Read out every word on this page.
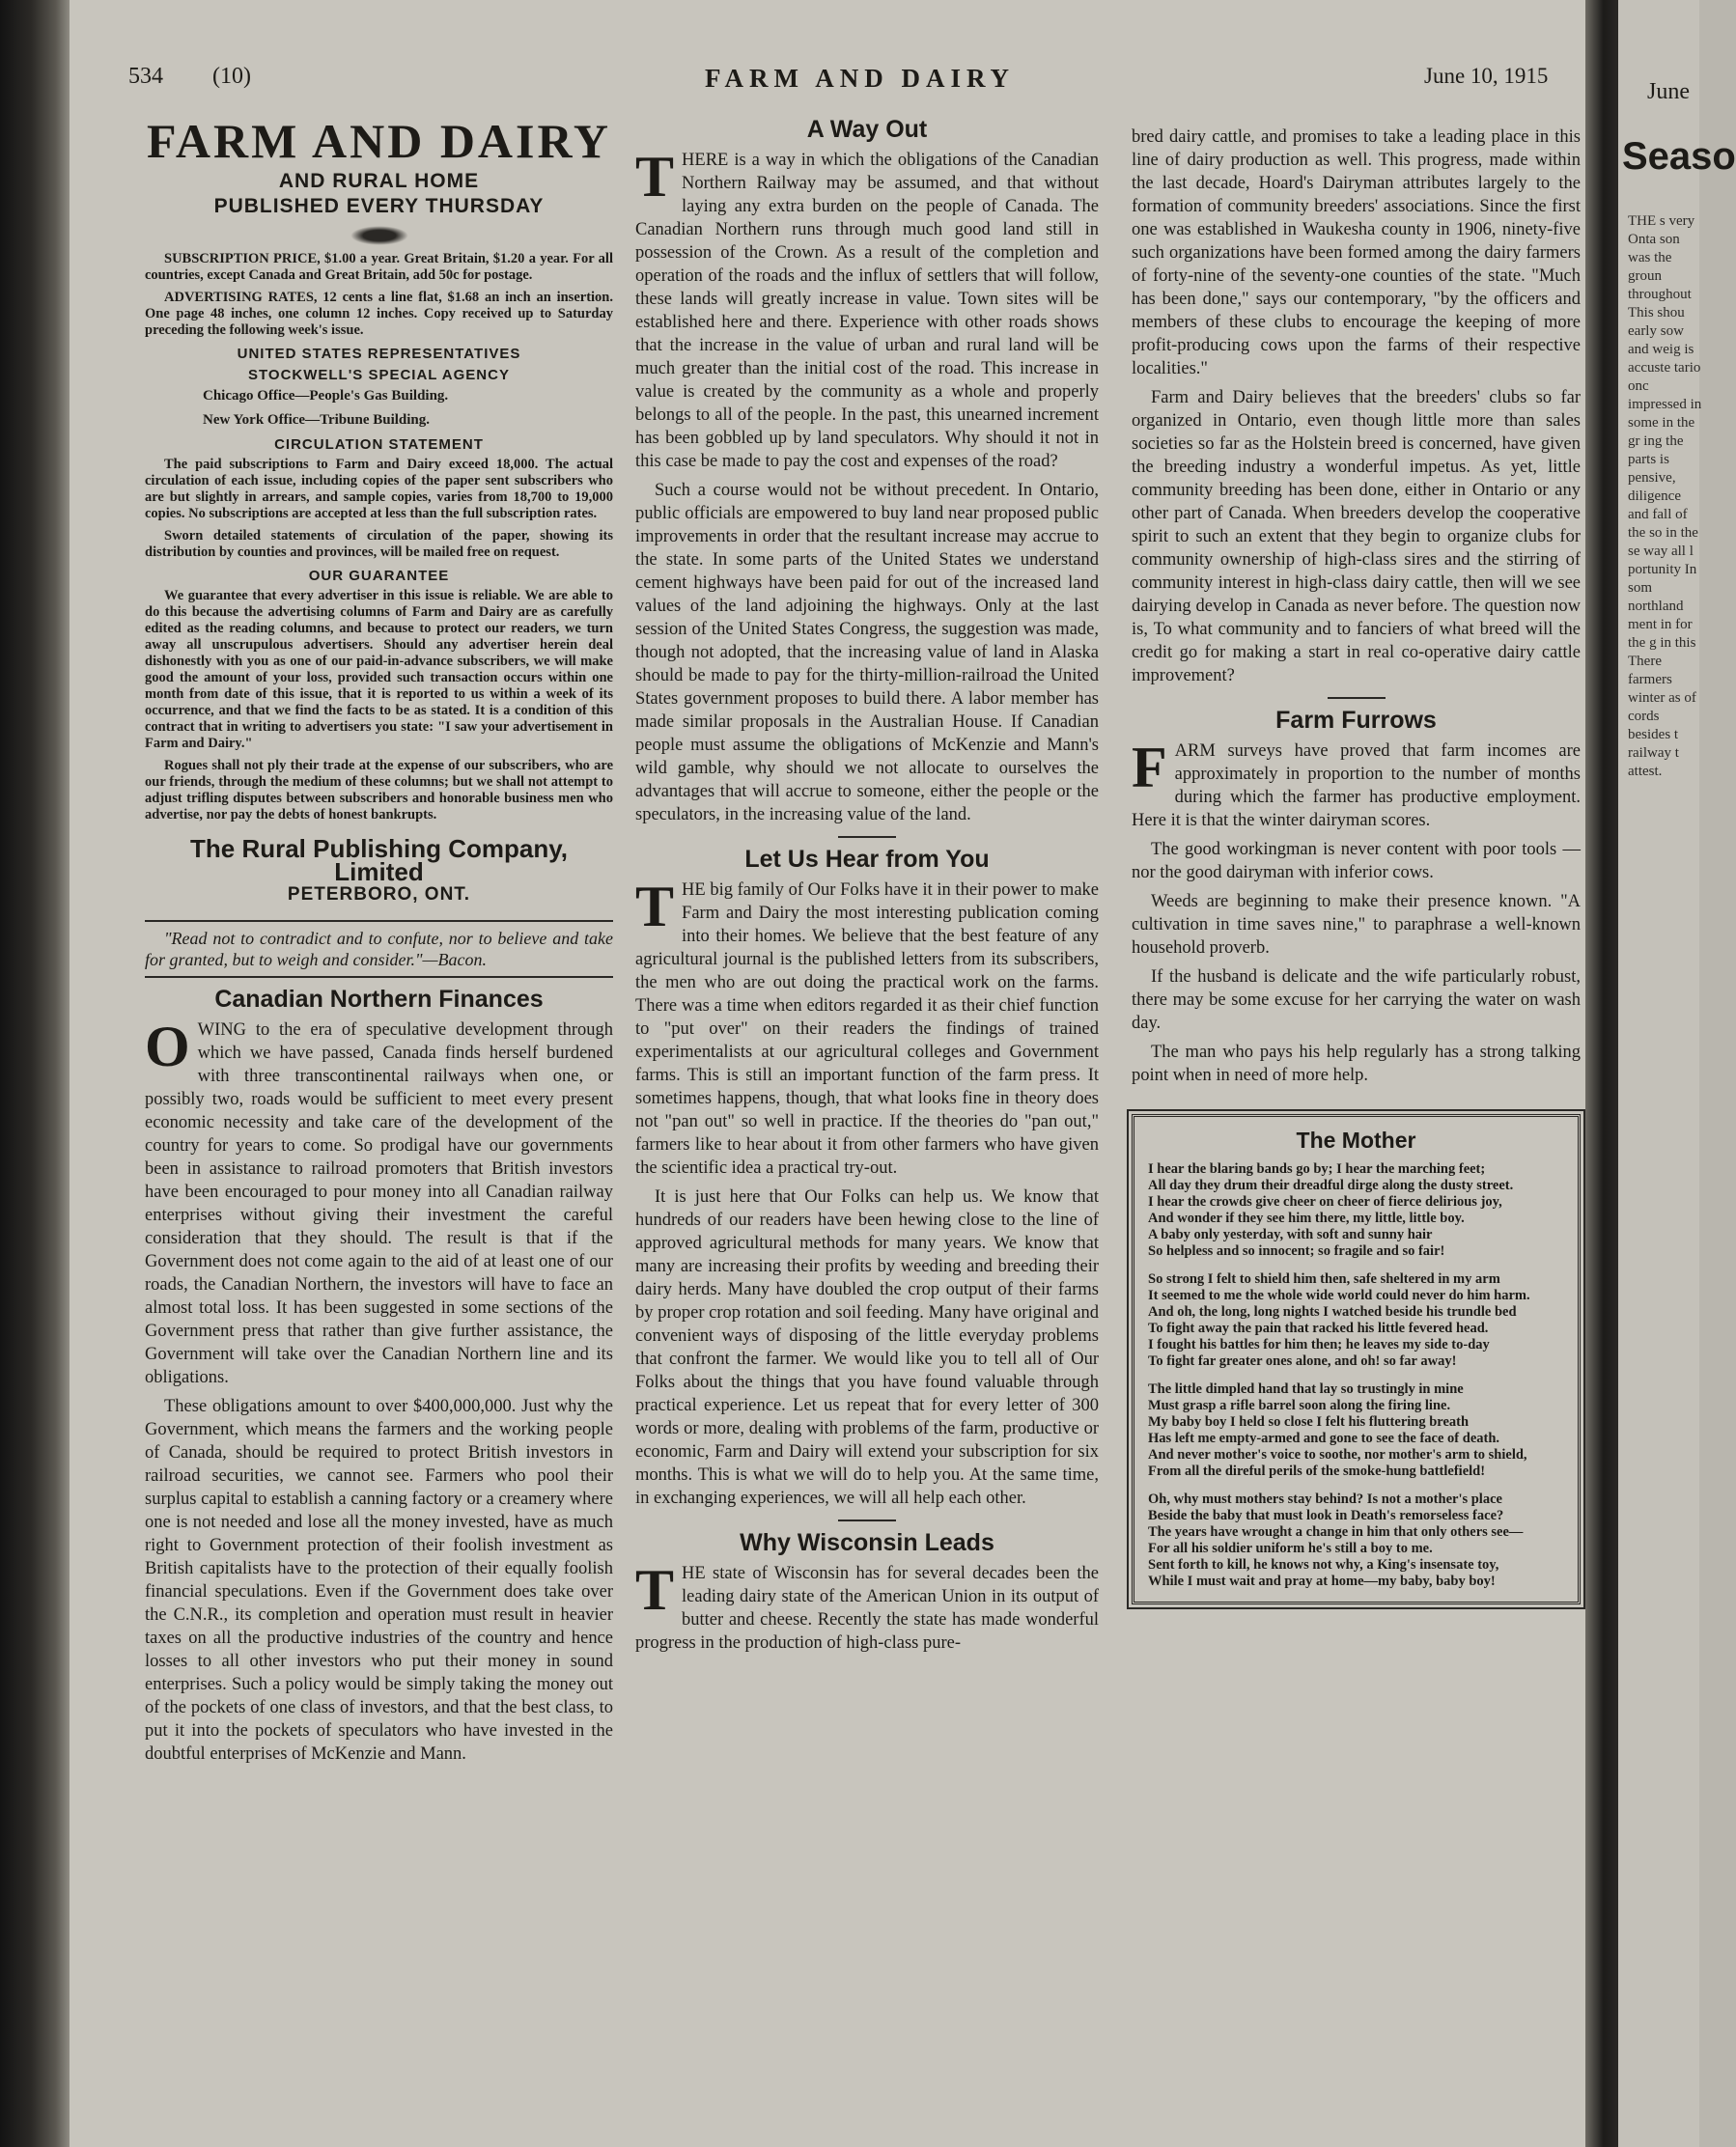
534 (10)	FARM AND DAIRY	June 10, 1915
FARM AND DAIRY
AND RURAL HOME
PUBLISHED EVERY THURSDAY

SUBSCRIPTION PRICE, $1.00 a year. Great Britain, $1.20 a year. For all countries, except Canada and Great Britain, add 50c for postage.

ADVERTISING RATES, 12 cents a line flat, $1.68 an inch an insertion. One page 48 inches, one column 12 inches. Copy received up to Saturday preceding the following week's issue.

UNITED STATES REPRESENTATIVES
STOCKWELL'S SPECIAL AGENCY

Chicago Office—People's Gas Building.

New York Office—Tribune Building.

CIRCULATION STATEMENT

The paid subscriptions to Farm and Dairy exceed 18,000. The actual circulation of each issue, including copies of the paper sent subscribers who are but slightly in arrears, and sample copies, varies from 18,700 to 19,000 copies. No subscriptions are accepted at less than the full subscription rates.

Sworn detailed statements of circulation of the paper, showing its distribution by counties and provinces, will be mailed free on request.

OUR GUARANTEE

We guarantee that every advertiser in this issue is reliable. We are able to do this because the advertising columns of Farm and Dairy are as carefully edited as the reading columns, and because to protect our readers, we turn away all unscrupulous advertisers. Should any advertiser herein deal dishonestly with you as one of our paid-in-advance subscribers, we will make good the amount of your loss, provided such transaction occurs within one month from date of this issue, that it is reported to us within a week of its occurrence, and that we find the facts to be as stated. It is a condition of this contract that in writing to advertisers you state: "I saw your advertisement in Farm and Dairy."

Rogues shall not ply their trade at the expense of our subscribers, who are our friends, through the medium of these columns; but we shall not attempt to adjust trifling disputes between subscribers and honorable business men who advertise, nor pay the debts of honest bankrupts.

The Rural Publishing Company, Limited
PETERBORO, ONT.

"Read not to contradict and to confute, nor to believe and take for granted, but to weigh and consider."—Bacon.

Canadian Northern Finances

OWING to the era of speculative development through which we have passed, Canada finds herself burdened with three transcontinental railways when one, or possibly two, roads would be sufficient to meet every present economic necessity and take care of the development of the country for years to come. So prodigal have our governments been in assistance to railroad promoters that British investors have been encouraged to pour money into all Canadian railway enterprises without giving their investment the careful consideration that they should. The result is that if the Government does not come again to the aid of at least one of our roads, the Canadian Northern, the investors will have to face an almost total loss. It has been suggested in some sections of the Government press that rather than give further assistance, the Government will take over the Canadian Northern line and its obligations.

These obligations amount to over $400,000,000. Just why the Government, which means the farmers and the working people of Canada, should be required to protect British investors in railroad securities, we cannot see. Farmers who pool their surplus capital to establish a canning factory or a creamery where one is not needed and lose all the money invested, have as much right to Government protection of their foolish investment as British capitalists have to the protection of their equally foolish financial speculations. Even if the Government does take over the C.N.R., its completion and operation must result in heavier taxes on all the productive industries of the country and hence losses to all other investors who put their money in sound enterprises. Such a policy would be simply taking the money out of the pockets of one class of investors, and that the best class, to put it into the pockets of speculators who have invested in the doubtful enterprises of McKenzie and Mann.

A Way Out

THERE is a way in which the obligations of the Canadian Northern Railway may be assumed, and that without laying any extra burden on the people of Canada. The Canadian Northern runs through much good land still in possession of the Crown. As a result of the completion and operation of the roads and the influx of settlers that will follow, these lands will greatly increase in value. Town sites will be established here and there. Experience with other roads shows that the increase in the value of urban and rural land will be much greater than the initial cost of the road. This increase in value is created by the community as a whole and properly belongs to all of the people. In the past, this unearned increment has been gobbled up by land speculators. Why should it not in this case be made to pay the cost and expenses of the road?

Such a course would not be without precedent. In Ontario, public officials are empowered to buy land near proposed public improvements in order that the resultant increase may accrue to the state. In some parts of the United States we understand cement highways have been paid for out of the increased land values of the land adjoining the highways. Only at the last session of the United States Congress, the suggestion was made, though not adopted, that the increasing value of land in Alaska should be made to pay for the thirty-million-railroad the United States government proposes to build there. A labor member has made similar proposals in the Australian House. If Canadian people must assume the obligations of McKenzie and Mann's wild gamble, why should we not allocate to ourselves the advantages that will accrue to someone, either the people or the speculators, in the increasing value of the land.

Let Us Hear from You

THE big family of Our Folks have it in their power to make Farm and Dairy the most interesting publication coming into their homes. We believe that the best feature of any agricultural journal is the published letters from its subscribers, the men who are out doing the practical work on the farms. There was a time when editors regarded it as their chief function to "put over" on their readers the findings of trained experimentalists at our agricultural colleges and Government farms. This is still an important function of the farm press. It sometimes happens, though, that what looks fine in theory does not "pan out" so well in practice. If the theories do "pan out," farmers like to hear about it from other farmers who have given the scientific idea a practical try-out.

It is just here that Our Folks can help us. We know that hundreds of our readers have been hewing close to the line of approved agricultural methods for many years. We know that many are increasing their profits by weeding and breeding their dairy herds. Many have doubled the crop output of their farms by proper crop rotation and soil feeding. Many have original and convenient ways of disposing of the little everyday problems that confront the farmer. We would like you to tell all of Our Folks about the things that you have found valuable through practical experience. Let us repeat that for every letter of 300 words or more, dealing with problems of the farm, productive or economic, Farm and Dairy will extend your subscription for six months. This is what we will do to help you. At the same time, in exchanging experiences, we will all help each other.

Why Wisconsin Leads

THE state of Wisconsin has for several decades been the leading dairy state of the American Union in its output of butter and cheese. Recently the state has made wonderful progress in the production of high-class pure-

bred dairy cattle, and promises to take a leading place in this line of dairy production as well. This progress, made within the last decade, Hoard's Dairyman attributes largely to the formation of community breeders' associations. Since the first one was established in Waukesha county in 1906, ninety-five such organizations have been formed among the dairy farmers of forty-nine of the seventy-one counties of the state. "Much has been done," says our contemporary, "by the officers and members of these clubs to encourage the keeping of more profit-producing cows upon the farms of their respective localities."

Farm and Dairy believes that the breeders' clubs so far organized in Ontario, even though little more than sales societies so far as the Holstein breed is concerned, have given the breeding industry a wonderful impetus. As yet, little community breeding has been done, either in Ontario or any other part of Canada. When breeders develop the cooperative spirit to such an extent that they begin to organize clubs for community ownership of high-class sires and the stirring of community interest in high-class dairy cattle, then will we see dairying develop in Canada as never before. The question now is, To what community and to fanciers of what breed will the credit go for making a start in real co-operative dairy cattle improvement?

Farm Furrows

FARM surveys have proved that farm incomes are approximately in proportion to the number of months during which the farmer has productive employment. Here it is that the winter dairyman scores.

The good workingman is never content with poor tools — nor the good dairyman with inferior cows.

Weeds are beginning to make their presence known. "A cultivation in time saves nine," to paraphrase a well-known household proverb.

If the husband is delicate and the wife particularly robust, there may be some excuse for her carrying the water on wash day.

The man who pays his help regularly has a strong talking point when in need of more help.

The Mother

I hear the blaring bands go by; I hear the marching feet;

All day they drum their dreadful dirge along the dusty street.

I hear the crowds give cheer on cheer of fierce delirious joy,

And wonder if they see him there, my little, little boy.

A baby only yesterday, with soft and sunny hair

So helpless and so innocent; so fragile and so fair!

So strong I felt to shield him then, safe sheltered in my arm

It seemed to me the whole wide world could never do him harm.

And oh, the long, long nights I watched beside his trundle bed

To fight away the pain that racked his little fevered head.

I fought his battles for him then; he leaves my side to-day

To fight far greater ones alone, and oh! so far away!

The little dimpled hand that lay so trustingly in mine

Must grasp a rifle barrel soon along the firing line.

My baby boy I held so close I felt his fluttering breath

Has left me empty-armed and gone to see the face of death.

And never mother's voice to soothe, nor mother's arm to shield,

From all the direful perils of the smoke-hung battlefield!

Oh, why must mothers stay behind? Is not a mother's place

Beside the baby that must look in Death's remorseless face?

The years have wrought a change in him that only others see—

For all his soldier uniform he's still a boy to me.

Sent forth to kill, he knows not why, a King's insensate toy,

While I must wait and pray at home—my baby, baby boy!

June
Seaso
THE s very Onta son was the groun throughout This shou early sow and weig is accuste tario onc impressed in some in the gr ing the parts is pensive, diligence and fall of the so in the se way all l portunity In som northland ment in for the g in this There farmers winter as of cords besides t railway t attest.
